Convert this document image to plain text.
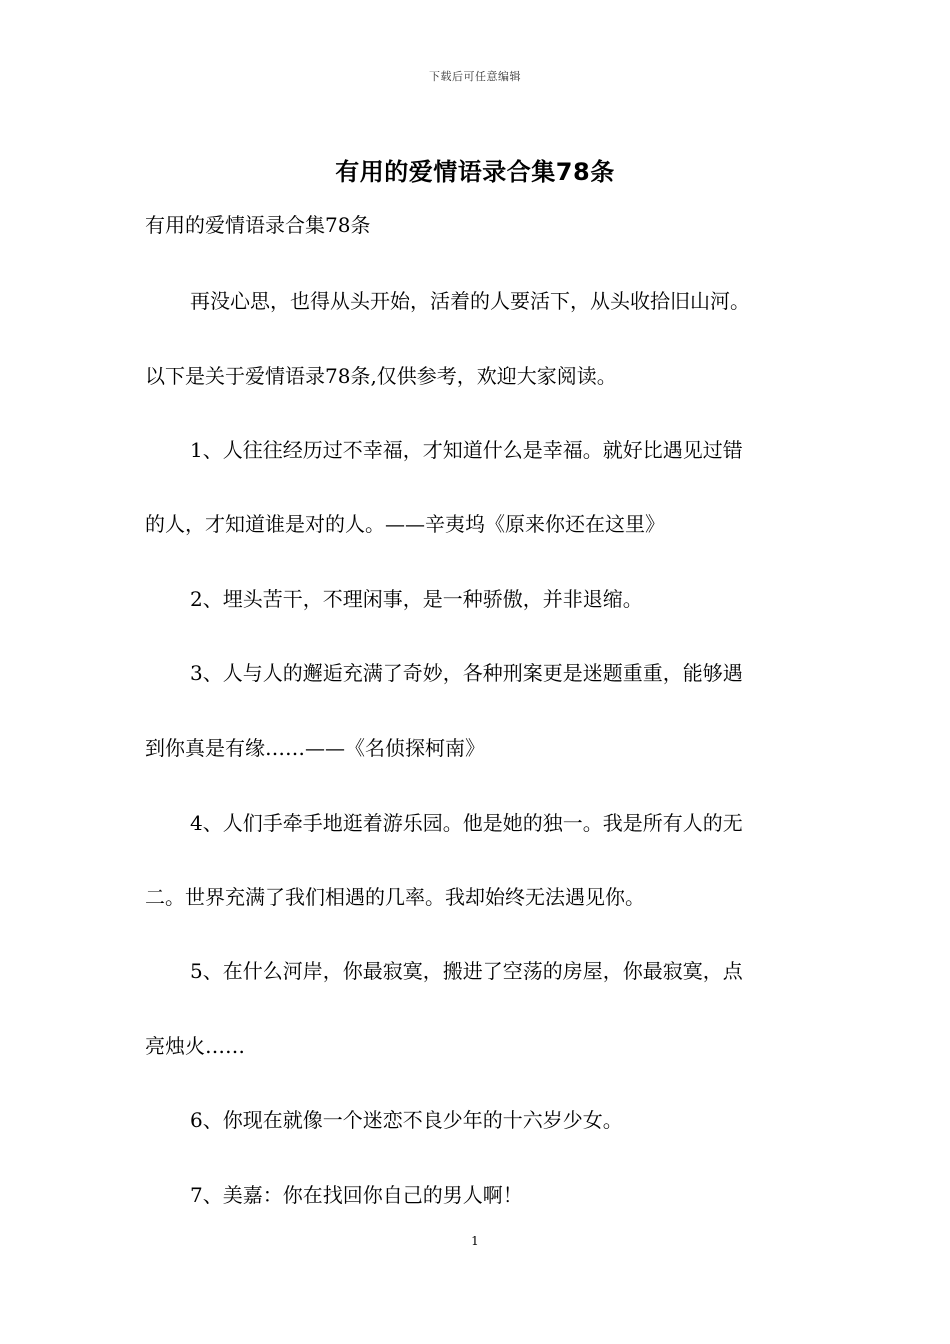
下载后可任意编辑
有用的爱情语录合集78条
有用的爱情语录合集78条
再没心思，也得从头开始，活着的人要活下，从头收拾旧山河。
以下是关于爱情语录78条,仅供参考，欢迎大家阅读。
1、人往往经历过不幸福，才知道什么是幸福。就好比遇见过错
的人，才知道谁是对的人。——辛夷坞《原来你还在这里》
2、埋头苦干，不理闲事，是一种骄傲，并非退缩。
3、人与人的邂逅充满了奇妙，各种刑案更是迷题重重，能够遇
到你真是有缘……——《名侦探柯南》
4、人们手牵手地逛着游乐园。他是她的独一。我是所有人的无
二。世界充满了我们相遇的几率。我却始终无法遇见你。
5、在什么河岸，你最寂寞，搬进了空荡的房屋，你最寂寞，点
亮烛火……
6、你现在就像一个迷恋不良少年的十六岁少女。
7、美嘉：你在找回你自己的男人啊！
1
